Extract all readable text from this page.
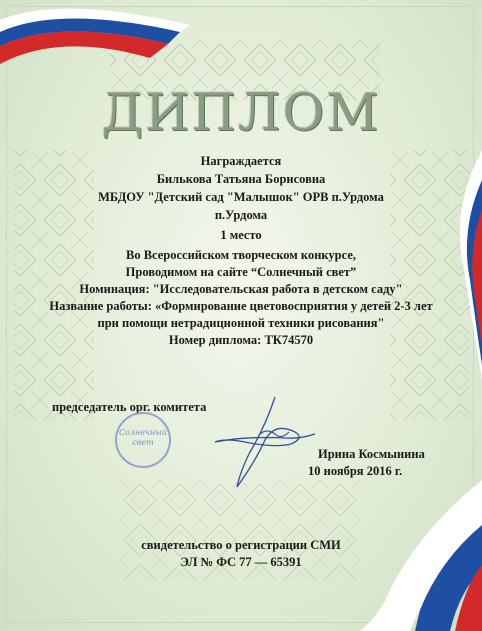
ДИПЛОМ
Награждается
Билькова Татьяна Борисовна
МБДОУ "Детский сад "Малышок" ОРВ п.Урдома
п.Урдома
1 место
Во Всероссийском творческом конкурсе,
Проводимом на сайте “Солнечный свет”
Номинация: "Исследовательская работа в детском саду"
Название работы: «Формирование цветовосприятия у детей 2-3 лет
при помощи нетрадиционной техники рисования"
Номер диплома: ТК74570
председатель орг. комитета
Солнечный
свет
Ирина Космынина
10 ноября 2016 г.
свидетельство о регистрации СМИ
ЭЛ № ФС 77 — 65391
